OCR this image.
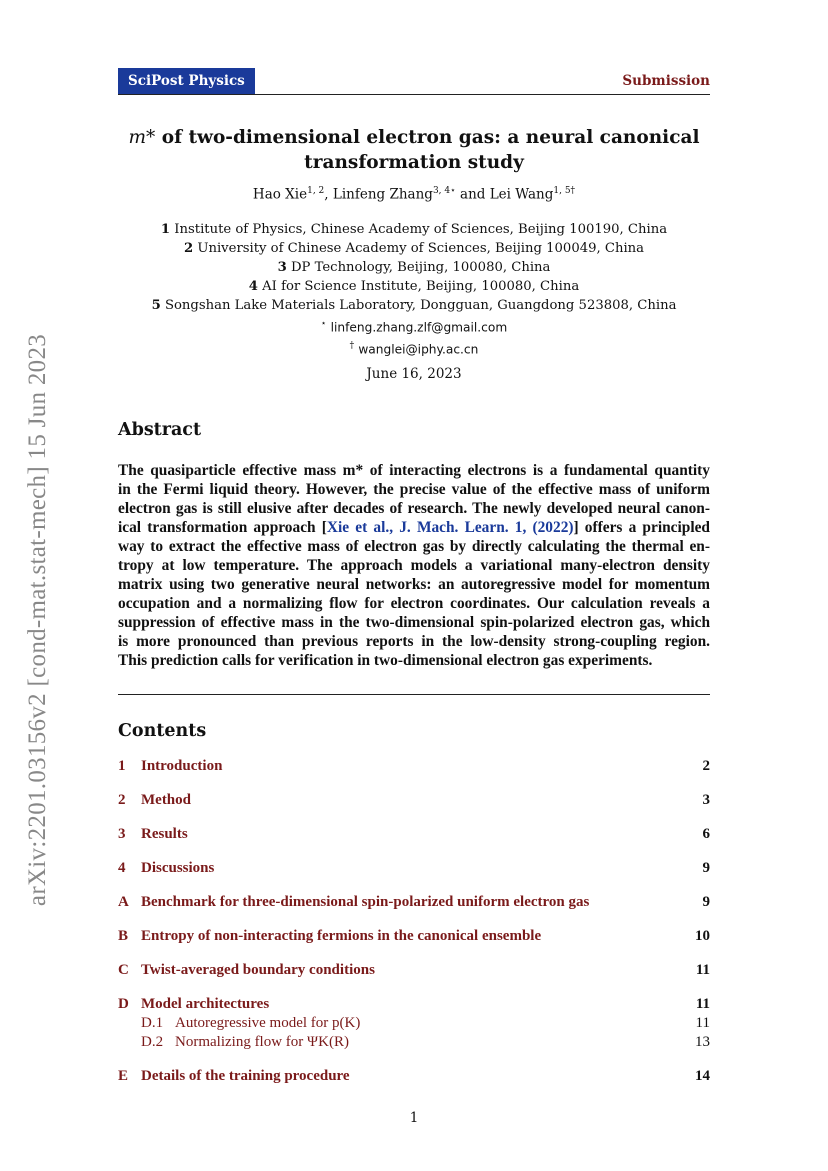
SciPost Physics	Submission
arXiv:2201.03156v2 [cond-mat.stat-mech] 15 Jun 2023
m* of two-dimensional electron gas: a neural canonical
transformation study
Hao Xie$^{1, 2}$, Linfeng Zhang$^{3, 4⋆}$ and Lei Wang$^{1, 5\dagger}$
1 Institute of Physics, Chinese Academy of Sciences, Beijing 100190, China
2 University of Chinese Academy of Sciences, Beijing 100049, China
3 DP Technology, Beijing, 100080, China
4 AI for Science Institute, Beijing, 100080, China
5 Songshan Lake Materials Laboratory, Dongguan, Guangdong 523808, China
⋆ linfeng.zhang.zlf@gmail.com
† wanglei@iphy.ac.cn
June 16, 2023
Abstract
The quasiparticle effective mass m* of interacting electrons is a fundamental quantity
in the Fermi liquid theory. However, the precise value of the effective mass of uniform
electron gas is still elusive after decades of research. The newly developed neural canon-
ical transformation approach [Xie et al., J. Mach. Learn. 1, (2022)] offers a principled
way to extract the effective mass of electron gas by directly calculating the thermal en-
tropy at low temperature. The approach models a variational many-electron density
matrix using two generative neural networks: an autoregressive model for momentum
occupation and a normalizing flow for electron coordinates. Our calculation reveals a
suppression of effective mass in the two-dimensional spin-polarized electron gas, which
is more pronounced than previous reports in the low-density strong-coupling region.
This prediction calls for verification in two-dimensional electron gas experiments.
Contents
1 Introduction	2
2 Method	3
3 Results	6
4 Discussions	9
A Benchmark for three-dimensional spin-polarized uniform electron gas	9
B Entropy of non-interacting fermions in the canonical ensemble	10
C Twist-averaged boundary conditions	11
D Model architectures	11
D.1 Autoregressive model for p(K)	11
D.2 Normalizing flow for ΨK(R)	13
E Details of the training procedure	14
1
